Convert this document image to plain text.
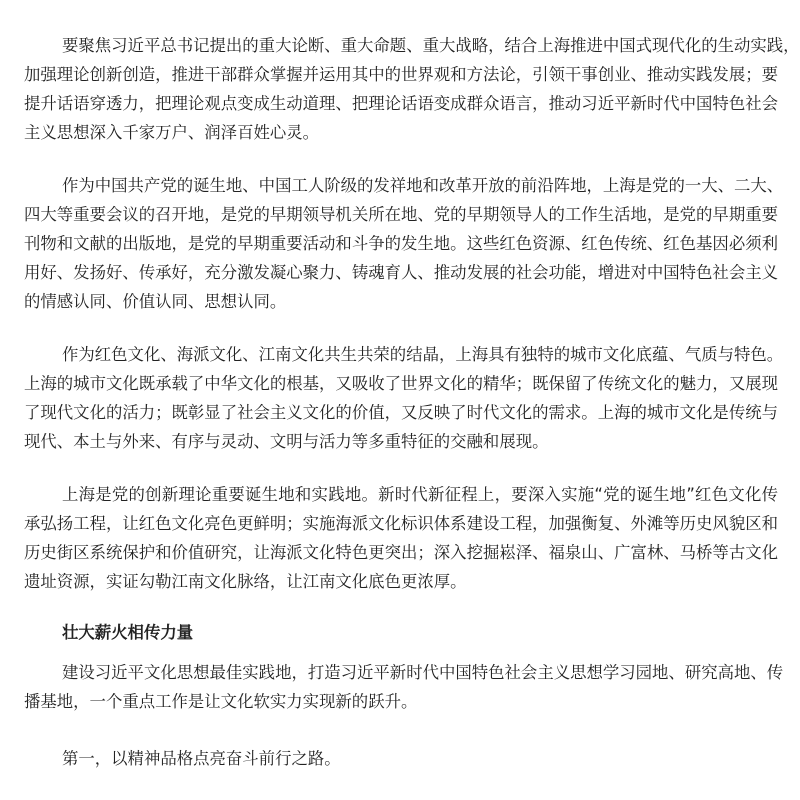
要聚焦习近平总书记提出的重大论断、重大命题、重大战略，结合上海推进中国式现代化的生动实践，
加强理论创新创造，推进干部群众掌握并运用其中的世界观和方法论，引领干事创业、推动实践发展；要
提升话语穿透力，把理论观点变成生动道理、把理论话语变成群众语言，推动习近平新时代中国特色社会
主义思想深入千家万户、润泽百姓心灵。
作为中国共产党的诞生地、中国工人阶级的发祥地和改革开放的前沿阵地，上海是党的一大、二大、
四大等重要会议的召开地，是党的早期领导机关所在地、党的早期领导人的工作生活地，是党的早期重要
刊物和文献的出版地，是党的早期重要活动和斗争的发生地。这些红色资源、红色传统、红色基因必须利
用好、发扬好、传承好，充分激发凝心聚力、铸魂育人、推动发展的社会功能，增进对中国特色社会主义
的情感认同、价值认同、思想认同。
作为红色文化、海派文化、江南文化共生共荣的结晶，上海具有独特的城市文化底蕴、气质与特色。
上海的城市文化既承载了中华文化的根基，又吸收了世界文化的精华；既保留了传统文化的魅力，又展现
了现代文化的活力；既彰显了社会主义文化的价值，又反映了时代文化的需求。上海的城市文化是传统与
现代、本土与外来、有序与灵动、文明与活力等多重特征的交融和展现。
上海是党的创新理论重要诞生地和实践地。新时代新征程上，要深入实施“党的诞生地”红色文化传
承弘扬工程，让红色文化亮色更鲜明；实施海派文化标识体系建设工程，加强衡复、外滩等历史风貌区和
历史街区系统保护和价值研究，让海派文化特色更突出；深入挖掘崧泽、福泉山、广富林、马桥等古文化
遗址资源，实证勾勒江南文化脉络，让江南文化底色更浓厚。
壮大薪火相传力量
建设习近平文化思想最佳实践地，打造习近平新时代中国特色社会主义思想学习园地、研究高地、传
播基地，一个重点工作是让文化软实力实现新的跃升。
第一，以精神品格点亮奋斗前行之路。
